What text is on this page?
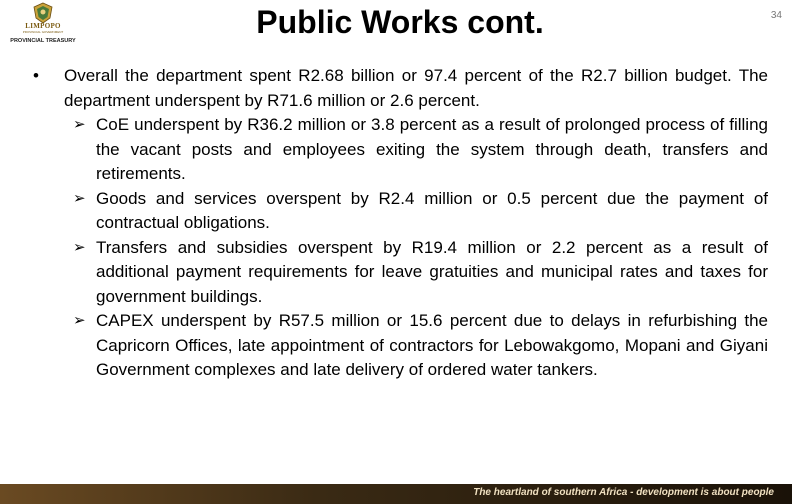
LIMPOPO
PROVINCIAL GOVERNMENT
PROVINCIAL TREASURY
Public Works cont.	34
• Overall the department spent R2.68 billion or 97.4 percent of the R2.7 billion budget. The department underspent by R71.6 million or 2.6 percent.
➢ CoE underspent by R36.2 million or 3.8 percent as a result of prolonged process of filling the vacant posts and employees exiting the system through death, transfers and retirements.
➢ Goods and services overspent by R2.4 million or 0.5 percent due the payment of contractual obligations.
➢ Transfers and subsidies overspent by R19.4 million or 2.2 percent as a result of additional payment requirements for leave gratuities and municipal rates and taxes for government buildings.
➢ CAPEX underspent by R57.5 million or 15.6 percent due to delays in refurbishing the Capricorn Offices, late appointment of contractors for Lebowakgomo, Mopani and Giyani Government complexes and late delivery of ordered water tankers.
The heartland of southern Africa - development is about people
